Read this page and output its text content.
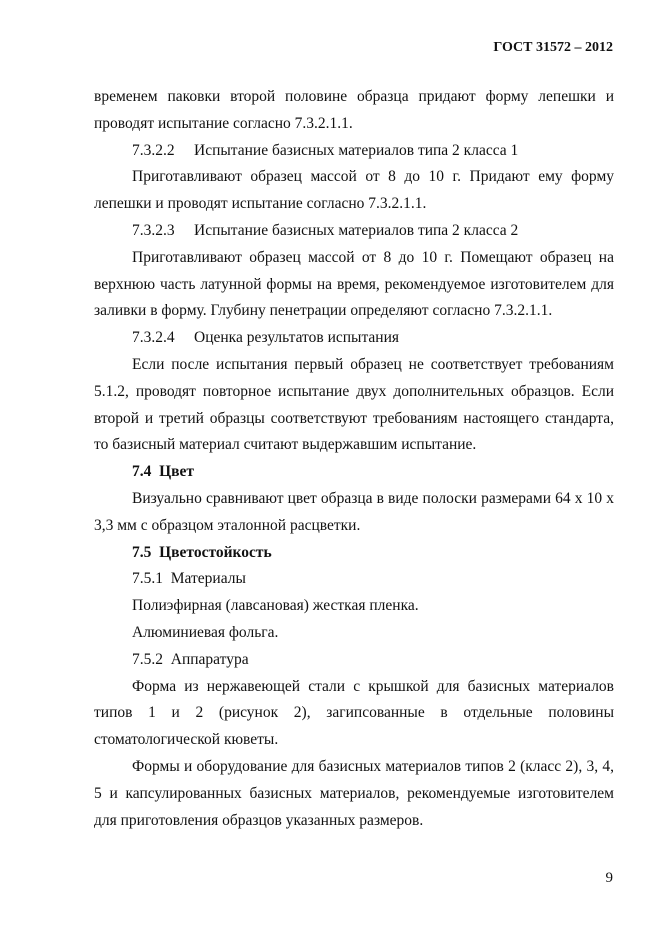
ГОСТ 31572 – 2012

временем паковки второй половине образца придают форму лепешки и проводят испытание согласно 7.3.2.1.1.

7.3.2.2 Испытание базисных материалов типа 2 класса 1

Приготавливают образец массой от 8 до 10 г. Придают ему форму лепешки и проводят испытание согласно 7.3.2.1.1.

7.3.2.3 Испытание базисных материалов типа 2 класса 2

Приготавливают образец массой от 8 до 10 г. Помещают образец на верхнюю часть латунной формы на время, рекомендуемое изготовителем для заливки в форму. Глубину пенетрации определяют согласно 7.3.2.1.1.

7.3.2.4 Оценка результатов испытания

Если после испытания первый образец не соответствует требованиям 5.1.2, проводят повторное испытание двух дополнительных образцов. Если второй и третий образцы соответствуют требованиям настоящего стандарта, то базисный материал считают выдержавшим испытание.

7.4  Цвет

Визуально сравнивают цвет образца в виде полоски размерами 64 х 10 х 3,3 мм с образцом эталонной расцветки.

7.5  Цветостойкость

7.5.1  Материалы

Полиэфирная (лавсановая) жесткая пленка.

Алюминиевая фольга.

7.5.2  Аппаратура

Форма из нержавеющей стали с крышкой для базисных материалов типов 1 и 2 (рисунок 2), загипсованные в отдельные половины стоматологической кюветы.

Формы и оборудование для базисных материалов типов 2 (класс 2), 3, 4, 5 и капсулированных базисных материалов, рекомендуемые изготовителем для приготовления образцов указанных размеров.

9
